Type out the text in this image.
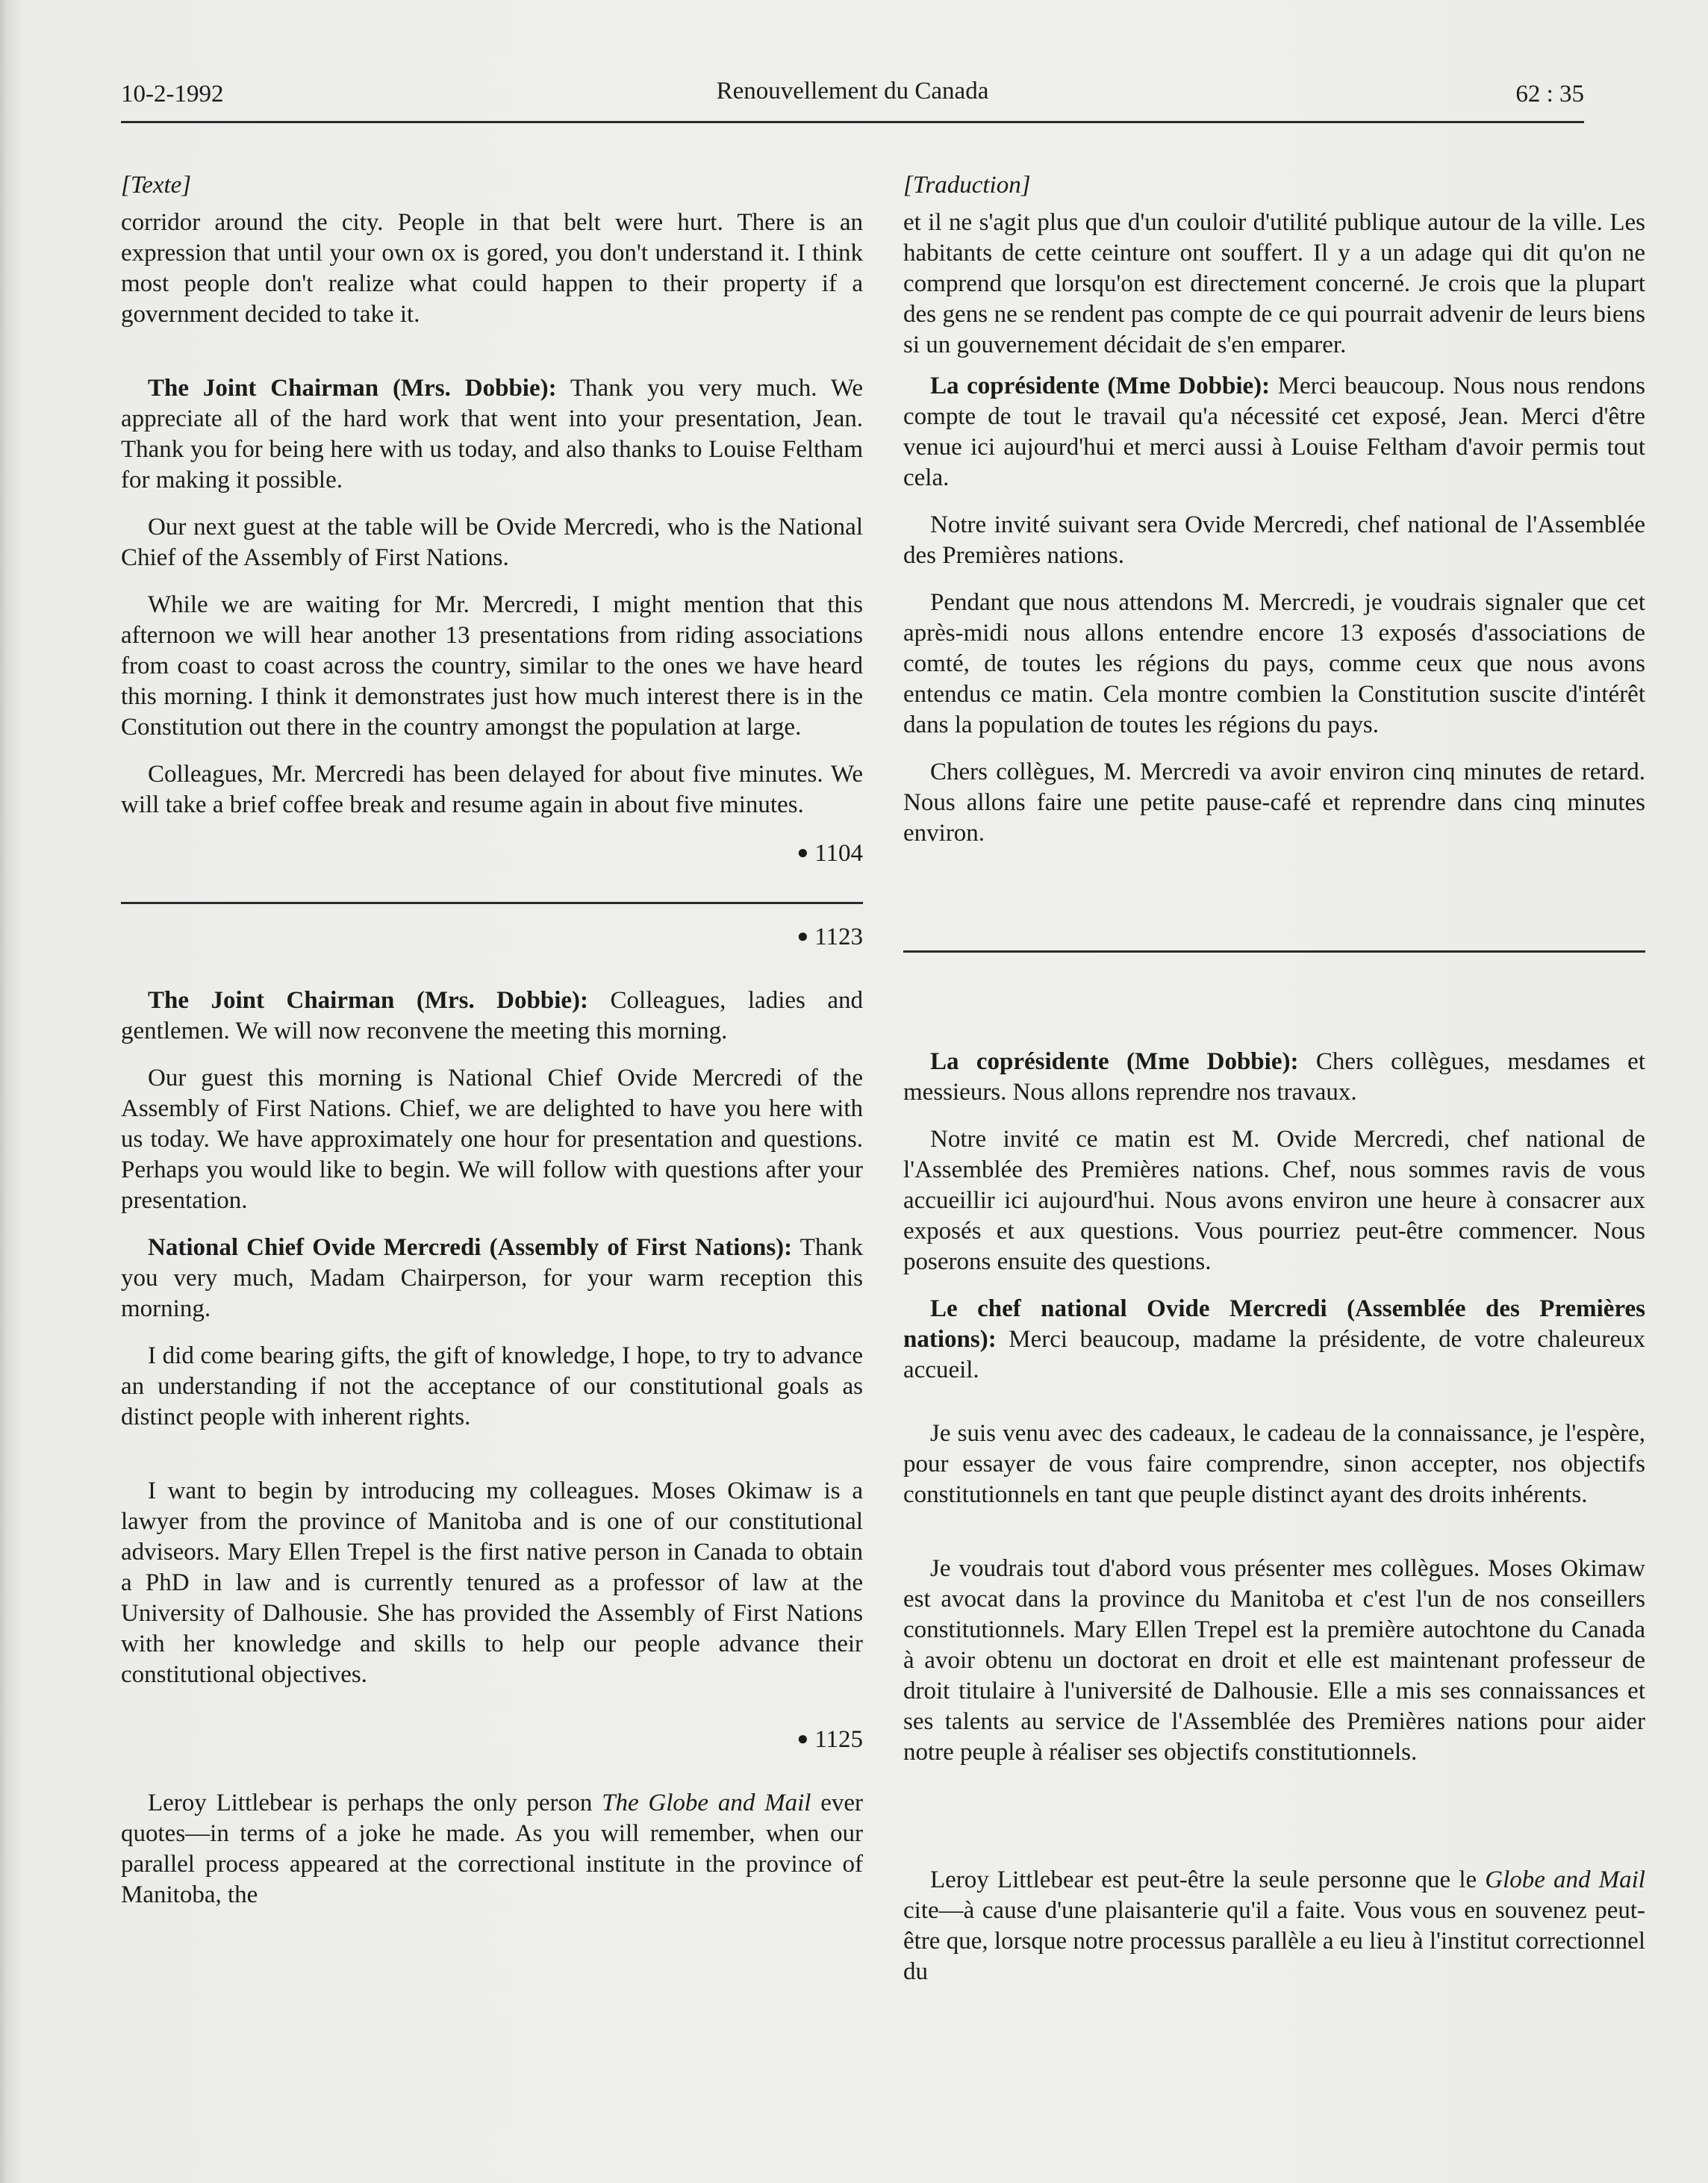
10-2-1992	Renouvellement du Canada	62 : 35
[Texte]

corridor around the city. People in that belt were hurt. There is an expression that until your own ox is gored, you don't understand it. I think most people don't realize what could happen to their property if a government decided to take it.

The Joint Chairman (Mrs. Dobbie): Thank you very much. We appreciate all of the hard work that went into your presentation, Jean. Thank you for being here with us today, and also thanks to Louise Feltham for making it possible.

Our next guest at the table will be Ovide Mercredi, who is the National Chief of the Assembly of First Nations.

While we are waiting for Mr. Mercredi, I might mention that this afternoon we will hear another 13 presentations from riding associations from coast to coast across the country, similar to the ones we have heard this morning. I think it demonstrates just how much interest there is in the Constitution out there in the country amongst the population at large.

Colleagues, Mr. Mercredi has been delayed for about five minutes. We will take a brief coffee break and resume again in about five minutes.

● 1104

● 1123

The Joint Chairman (Mrs. Dobbie): Colleagues, ladies and gentlemen. We will now reconvene the meeting this morning.

Our guest this morning is National Chief Ovide Mercredi of the Assembly of First Nations. Chief, we are delighted to have you here with us today. We have approximately one hour for presentation and questions. Perhaps you would like to begin. We will follow with questions after your presentation.

National Chief Ovide Mercredi (Assembly of First Nations): Thank you very much, Madam Chairperson, for your warm reception this morning.

I did come bearing gifts, the gift of knowledge, I hope, to try to advance an understanding if not the acceptance of our constitutional goals as distinct people with inherent rights.

I want to begin by introducing my colleagues. Moses Okimaw is a lawyer from the province of Manitoba and is one of our constitutional adviseors. Mary Ellen Trepel is the first native person in Canada to obtain a PhD in law and is currently tenured as a professor of law at the University of Dalhousie. She has provided the Assembly of First Nations with her knowledge and skills to help our people advance their constitutional objectives.

● 1125

Leroy Littlebear is perhaps the only person The Globe and Mail ever quotes—in terms of a joke he made. As you will remember, when our parallel process appeared at the correctional institute in the province of Manitoba, the

[Traduction]

et il ne s'agit plus que d'un couloir d'utilité publique autour de la ville. Les habitants de cette ceinture ont souffert. Il y a un adage qui dit qu'on ne comprend que lorsqu'on est directement concerné. Je crois que la plupart des gens ne se rendent pas compte de ce qui pourrait advenir de leurs biens si un gouvernement décidait de s'en emparer.

La coprésidente (Mme Dobbie): Merci beaucoup. Nous nous rendons compte de tout le travail qu'a nécessité cet exposé, Jean. Merci d'être venue ici aujourd'hui et merci aussi à Louise Feltham d'avoir permis tout cela.

Notre invité suivant sera Ovide Mercredi, chef national de l'Assemblée des Premières nations.

Pendant que nous attendons M. Mercredi, je voudrais signaler que cet après-midi nous allons entendre encore 13 exposés d'associations de comté, de toutes les régions du pays, comme ceux que nous avons entendus ce matin. Cela montre combien la Constitution suscite d'intérêt dans la population de toutes les régions du pays.

Chers collègues, M. Mercredi va avoir environ cinq minutes de retard. Nous allons faire une petite pause-café et reprendre dans cinq minutes environ.

La coprésidente (Mme Dobbie): Chers collègues, mesdames et messieurs. Nous allons reprendre nos travaux.

Notre invité ce matin est M. Ovide Mercredi, chef national de l'Assemblée des Premières nations. Chef, nous sommes ravis de vous accueillir ici aujourd'hui. Nous avons environ une heure à consacrer aux exposés et aux questions. Vous pourriez peut-être commencer. Nous poserons ensuite des questions.

Le chef national Ovide Mercredi (Assemblée des Premières nations): Merci beaucoup, madame la présidente, de votre chaleureux accueil.

Je suis venu avec des cadeaux, le cadeau de la connaissance, je l'espère, pour essayer de vous faire comprendre, sinon accepter, nos objectifs constitutionnels en tant que peuple distinct ayant des droits inhérents.

Je voudrais tout d'abord vous présenter mes collègues. Moses Okimaw est avocat dans la province du Manitoba et c'est l'un de nos conseillers constitutionnels. Mary Ellen Trepel est la première autochtone du Canada à avoir obtenu un doctorat en droit et elle est maintenant professeur de droit titulaire à l'université de Dalhousie. Elle a mis ses connaissances et ses talents au service de l'Assemblée des Premières nations pour aider notre peuple à réaliser ses objectifs constitutionnels.

Leroy Littlebear est peut-être la seule personne que le Globe and Mail cite—à cause d'une plaisanterie qu'il a faite. Vous vous en souvenez peut-être que, lorsque notre processus parallèle a eu lieu à l'institut correctionnel du
